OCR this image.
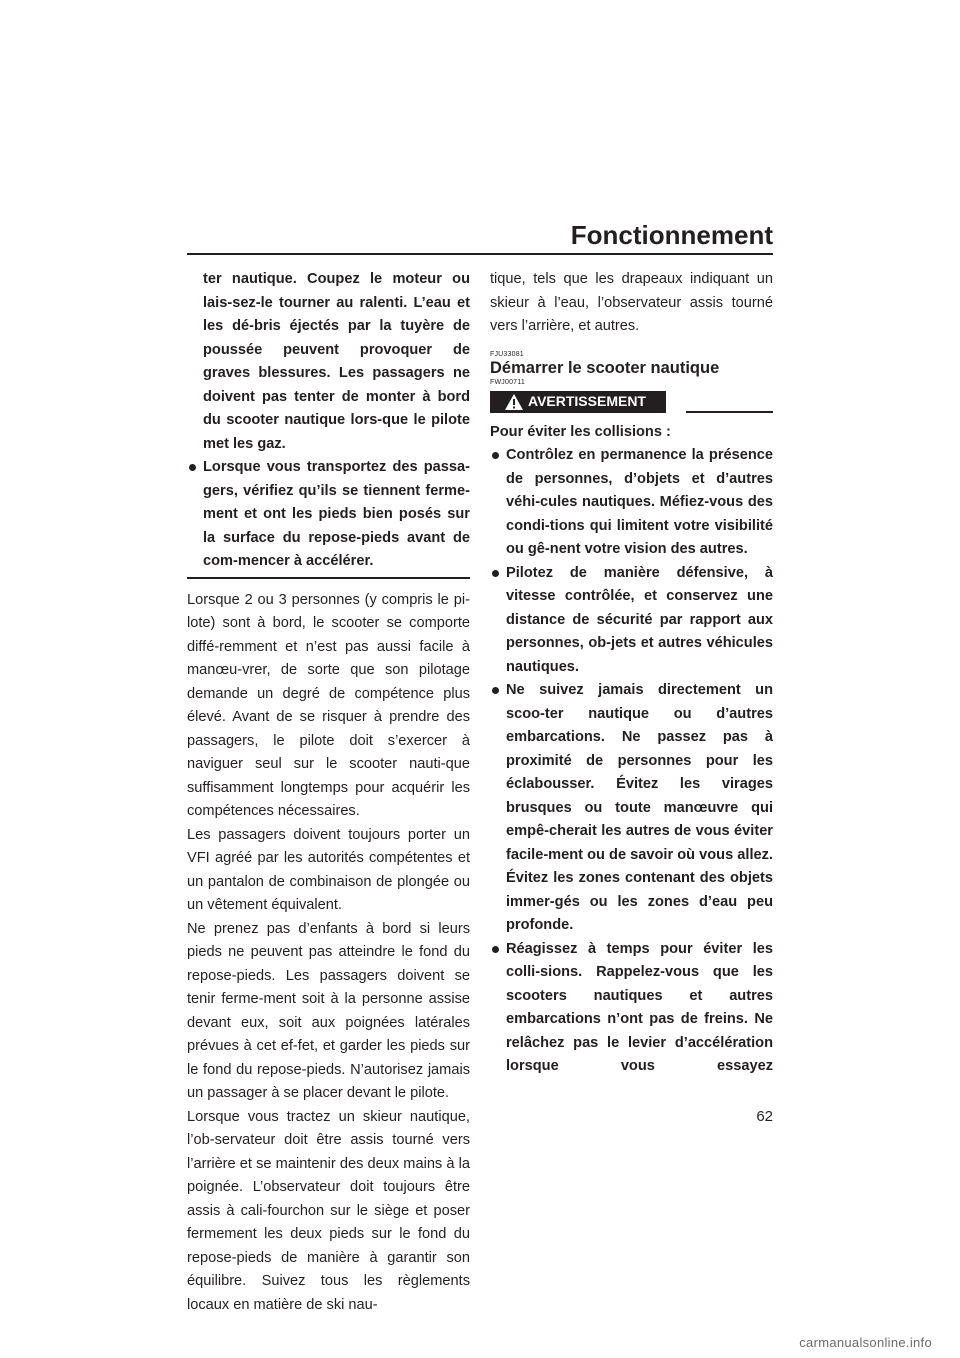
Fonctionnement

ter nautique. Coupez le moteur ou lais-sez-le tourner au ralenti. L’eau et les dé-bris éjectés par la tuyère de poussée peuvent provoquer de graves blessures. Les passagers ne doivent pas tenter de monter à bord du scooter nautique lors-que le pilote met les gaz.

Lorsque vous transportez des passa-gers, vérifiez qu’ils se tiennent ferme-ment et ont les pieds bien posés sur la surface du repose-pieds avant de com-mencer à accélérer.

Lorsque 2 ou 3 personnes (y compris le pi-lote) sont à bord, le scooter se comporte diffé-remment et n’est pas aussi facile à manœu-vrer, de sorte que son pilotage demande un degré de compétence plus élevé. Avant de se risquer à prendre des passagers, le pilote doit s’exercer à naviguer seul sur le scooter nauti-que suffisamment longtemps pour acquérir les compétences nécessaires.

Les passagers doivent toujours porter un VFI agréé par les autorités compétentes et un pantalon de combinaison de plongée ou un vêtement équivalent.

Ne prenez pas d’enfants à bord si leurs pieds ne peuvent pas atteindre le fond du repose-pieds. Les passagers doivent se tenir ferme-ment soit à la personne assise devant eux, soit aux poignées latérales prévues à cet ef-fet, et garder les pieds sur le fond du repose-pieds. N’autorisez jamais un passager à se placer devant le pilote.

Lorsque vous tractez un skieur nautique, l’ob-servateur doit être assis tourné vers l’arrière et se maintenir des deux mains à la poignée. L’observateur doit toujours être assis à cali-fourchon sur le siège et poser fermement les deux pieds sur le fond du repose-pieds de manière à garantir son équilibre. Suivez tous les règlements locaux en matière de ski nau-

tique, tels que les drapeaux indiquant un skieur à l’eau, l’observateur assis tourné vers l’arrière, et autres.

FJU33081
Démarrer le scooter nautique
FWJ00711
AVERTISSEMENT

Pour éviter les collisions :

Contrôlez en permanence la présence de personnes, d’objets et d’autres véhi-cules nautiques. Méfiez-vous des condi-tions qui limitent votre visibilité ou gê-nent votre vision des autres.
Pilotez de manière défensive, à vitesse contrôlée, et conservez une distance de sécurité par rapport aux personnes, ob-jets et autres véhicules nautiques.
Ne suivez jamais directement un scoo-ter nautique ou d’autres embarcations. Ne passez pas à proximité de personnes pour les éclabousser. Évitez les virages brusques ou toute manœuvre qui empê-cherait les autres de vous éviter facile-ment ou de savoir où vous allez. Évitez les zones contenant des objets immer-gés ou les zones d’eau peu profonde.
Réagissez à temps pour éviter les colli-sions. Rappelez-vous que les scooters nautiques et autres embarcations n’ont pas de freins. Ne relâchez pas le levier d’accélération lorsque vous essayez

62

carmanualsonline.info
